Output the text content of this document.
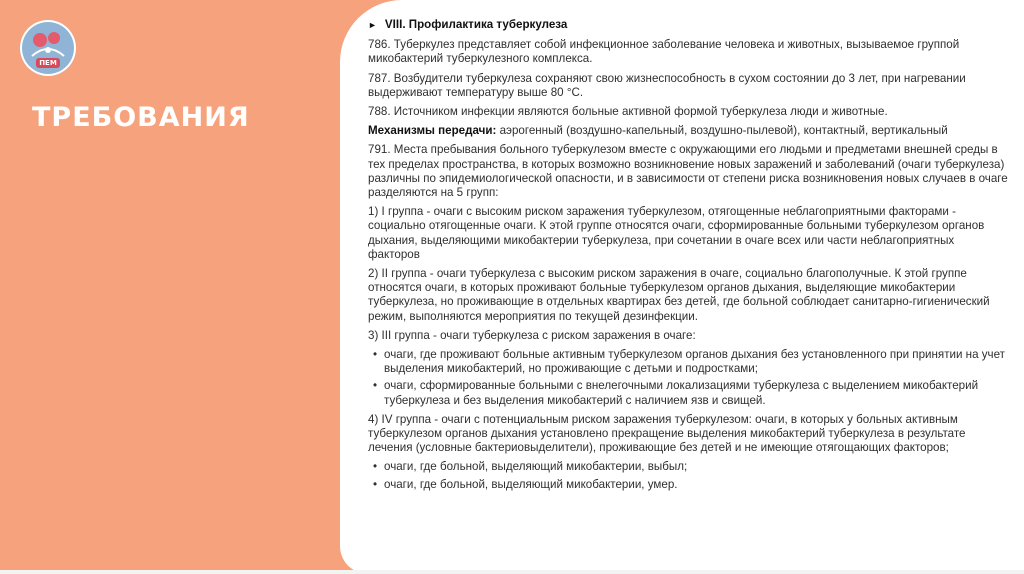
ПЕМ
ТРЕБОВАНИЯ
► VIII. Профилактика туберкулеза

786. Туберкулез представляет собой инфекционное заболевание человека и животных, вызываемое группой микобактерий туберкулезного комплекса.

787. Возбудители туберкулеза сохраняют свою жизнеспособность в сухом состоянии до 3 лет, при нагревании выдерживают температуру выше 80 °С.

788. Источником инфекции являются больные активной формой туберкулеза люди и животные.

Механизмы передачи: аэрогенный (воздушно-капельный, воздушно-пылевой), контактный, вертикальный

791. Места пребывания больного туберкулезом вместе с окружающими его людьми и предметами внешней среды в тех пределах пространства, в которых возможно возникновение новых заражений и заболеваний (очаги туберкулеза) различны по эпидемиологической опасности, и в зависимости от степени риска возникновения новых случаев в очаге разделяются на 5 групп:

1) I группа - очаги с высоким риском заражения туберкулезом, отягощенные неблагоприятными факторами - социально отягощенные очаги. К этой группе относятся очаги, сформированные больными туберкулезом органов дыхания, выделяющими микобактерии туберкулеза, при сочетании в очаге всех или части неблагоприятных факторов

2) II группа - очаги туберкулеза с высоким риском заражения в очаге, социально благополучные. К этой группе относятся очаги, в которых проживают больные туберкулезом органов дыхания, выделяющие микобактерии туберкулеза, но проживающие в отдельных квартирах без детей, где больной соблюдает санитарно-гигиенический режим, выполняются мероприятия по текущей дезинфекции.

3) III группа - очаги туберкулеза с риском заражения в очаге:

• очаги, где проживают больные активным туберкулезом органов дыхания без установленного при принятии на учет выделения микобактерий, но проживающие с детьми и подростками;
• очаги, сформированные больными с внелегочными локализациями туберкулеза с выделением микобактерий туберкулеза и без выделения микобактерий с наличием язв и свищей.

4) IV группа - очаги с потенциальным риском заражения туберкулезом: очаги, в которых у больных активным туберкулезом органов дыхания установлено прекращение выделения микобактерий туберкулеза в результате лечения (условные бактериовыделители), проживающие без детей и не имеющие отягощающих факторов;

• очаги, где больной, выделяющий микобактерии, выбыл;
• очаги, где больной, выделяющий микобактерии, умер.
